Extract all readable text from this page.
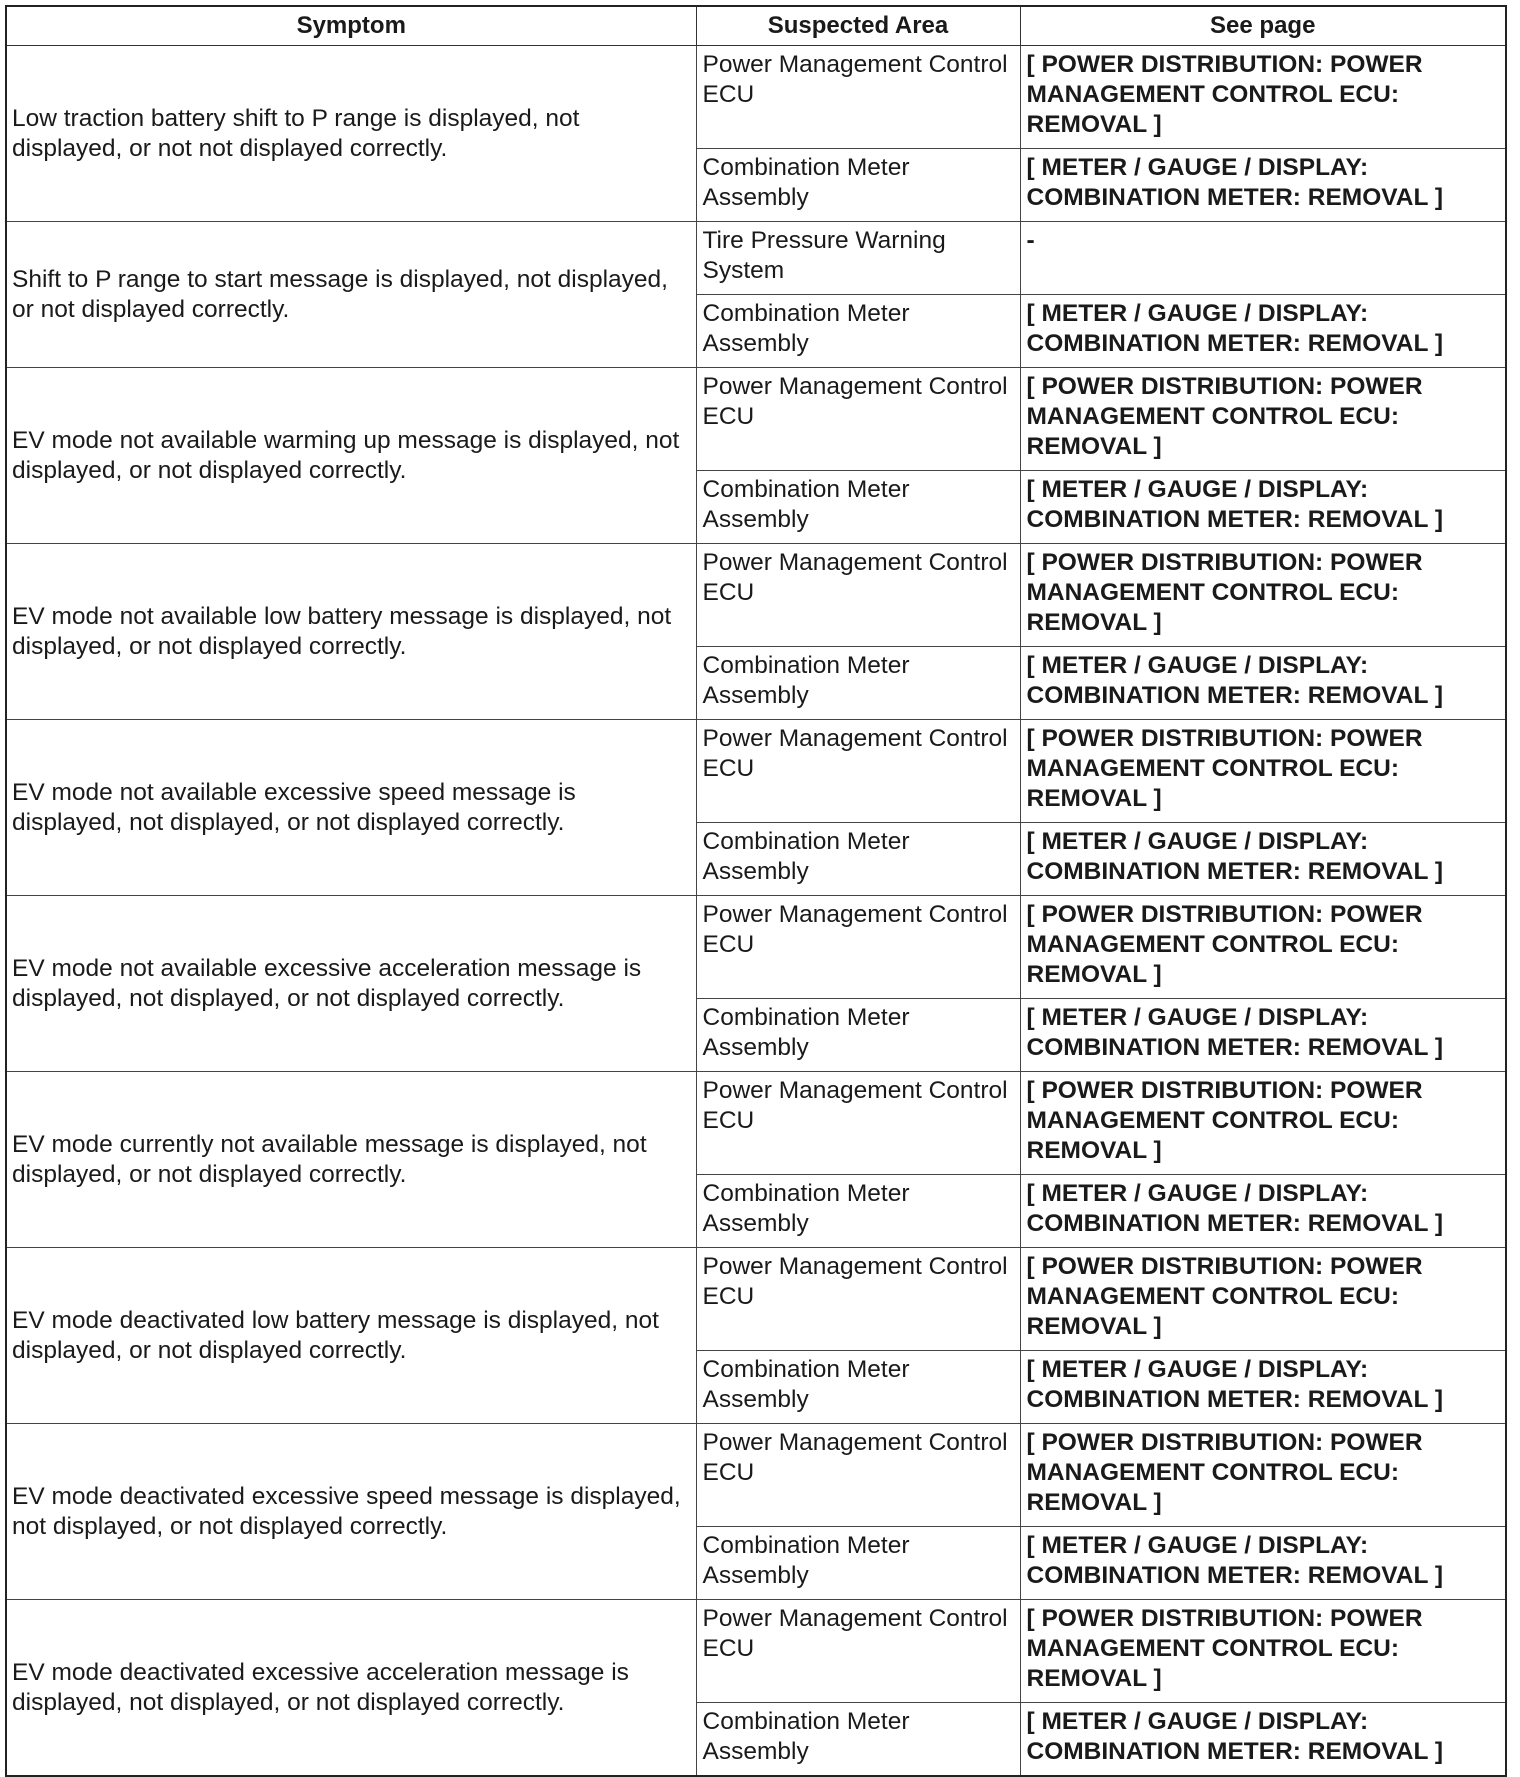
Symptom	Suspected Area	See page
Low traction battery shift to P range is displayed, not displayed, or not not displayed correctly.	Power Management Control ECU	[ POWER DISTRIBUTION: POWER MANAGEMENT CONTROL ECU: REMOVAL ]
	Combination Meter Assembly	[ METER / GAUGE / DISPLAY: COMBINATION METER: REMOVAL ]
Shift to P range to start message is displayed, not displayed, or not displayed correctly.	Tire Pressure Warning System	-
	Combination Meter Assembly	[ METER / GAUGE / DISPLAY: COMBINATION METER: REMOVAL ]
EV mode not available warming up message is displayed, not displayed, or not displayed correctly.	Power Management Control ECU	[ POWER DISTRIBUTION: POWER MANAGEMENT CONTROL ECU: REMOVAL ]
	Combination Meter Assembly	[ METER / GAUGE / DISPLAY: COMBINATION METER: REMOVAL ]
EV mode not available low battery message is displayed, not displayed, or not displayed correctly.	Power Management Control ECU	[ POWER DISTRIBUTION: POWER MANAGEMENT CONTROL ECU: REMOVAL ]
	Combination Meter Assembly	[ METER / GAUGE / DISPLAY: COMBINATION METER: REMOVAL ]
EV mode not available excessive speed message is displayed, not displayed, or not displayed correctly.	Power Management Control ECU	[ POWER DISTRIBUTION: POWER MANAGEMENT CONTROL ECU: REMOVAL ]
	Combination Meter Assembly	[ METER / GAUGE / DISPLAY: COMBINATION METER: REMOVAL ]
EV mode not available excessive acceleration message is displayed, not displayed, or not displayed correctly.	Power Management Control ECU	[ POWER DISTRIBUTION: POWER MANAGEMENT CONTROL ECU: REMOVAL ]
	Combination Meter Assembly	[ METER / GAUGE / DISPLAY: COMBINATION METER: REMOVAL ]
EV mode currently not available message is displayed, not displayed, or not displayed correctly.	Power Management Control ECU	[ POWER DISTRIBUTION: POWER MANAGEMENT CONTROL ECU: REMOVAL ]
	Combination Meter Assembly	[ METER / GAUGE / DISPLAY: COMBINATION METER: REMOVAL ]
EV mode deactivated low battery message is displayed, not displayed, or not displayed correctly.	Power Management Control ECU	[ POWER DISTRIBUTION: POWER MANAGEMENT CONTROL ECU: REMOVAL ]
	Combination Meter Assembly	[ METER / GAUGE / DISPLAY: COMBINATION METER: REMOVAL ]
EV mode deactivated excessive speed message is displayed, not displayed, or not displayed correctly.	Power Management Control ECU	[ POWER DISTRIBUTION: POWER MANAGEMENT CONTROL ECU: REMOVAL ]
	Combination Meter Assembly	[ METER / GAUGE / DISPLAY: COMBINATION METER: REMOVAL ]
EV mode deactivated excessive acceleration message is displayed, not displayed, or not displayed correctly.	Power Management Control ECU	[ POWER DISTRIBUTION: POWER MANAGEMENT CONTROL ECU: REMOVAL ]
	Combination Meter Assembly	[ METER / GAUGE / DISPLAY: COMBINATION METER: REMOVAL ]
